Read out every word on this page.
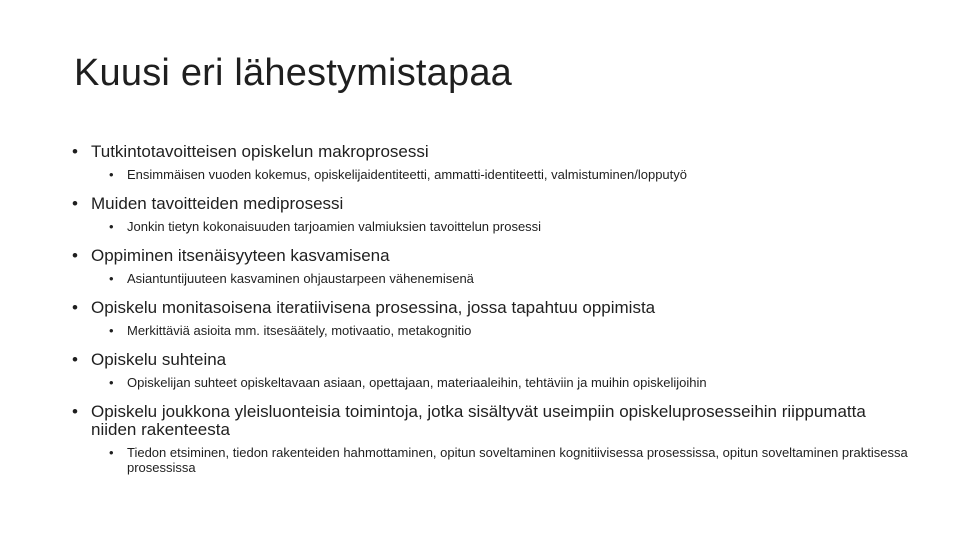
Kuusi eri lähestymistapaa
• Tutkintotavoitteisen opiskelun makroprosessi
• Ensimmäisen vuoden kokemus, opiskelijaidentiteetti, ammatti-identiteetti, valmistuminen/lopputyö
• Muiden tavoitteiden mediprosessi
• Jonkin tietyn kokonaisuuden tarjoamien valmiuksien tavoittelun prosessi
• Oppiminen itsenäisyyteen kasvamisena
• Asiantuntijuuteen kasvaminen ohjaustarpeen vähenemisenä
• Opiskelu monitasoisena iteratiivisena prosessina, jossa tapahtuu oppimista
• Merkittäviä asioita mm. itsesäätely, motivaatio, metakognitio
• Opiskelu suhteina
• Opiskelijan suhteet opiskeltavaan asiaan, opettajaan, materiaaleihin, tehtäviin ja muihin opiskelijoihin
• Opiskelu joukkona yleisluonteisia toimintoja, jotka sisältyvät useimpiin opiskeluprosesseihin riippumatta niiden rakenteesta
• Tiedon etsiminen, tiedon rakenteiden hahmottaminen, opitun soveltaminen kognitiivisessa prosessissa, opitun soveltaminen praktisessa prosessissa
